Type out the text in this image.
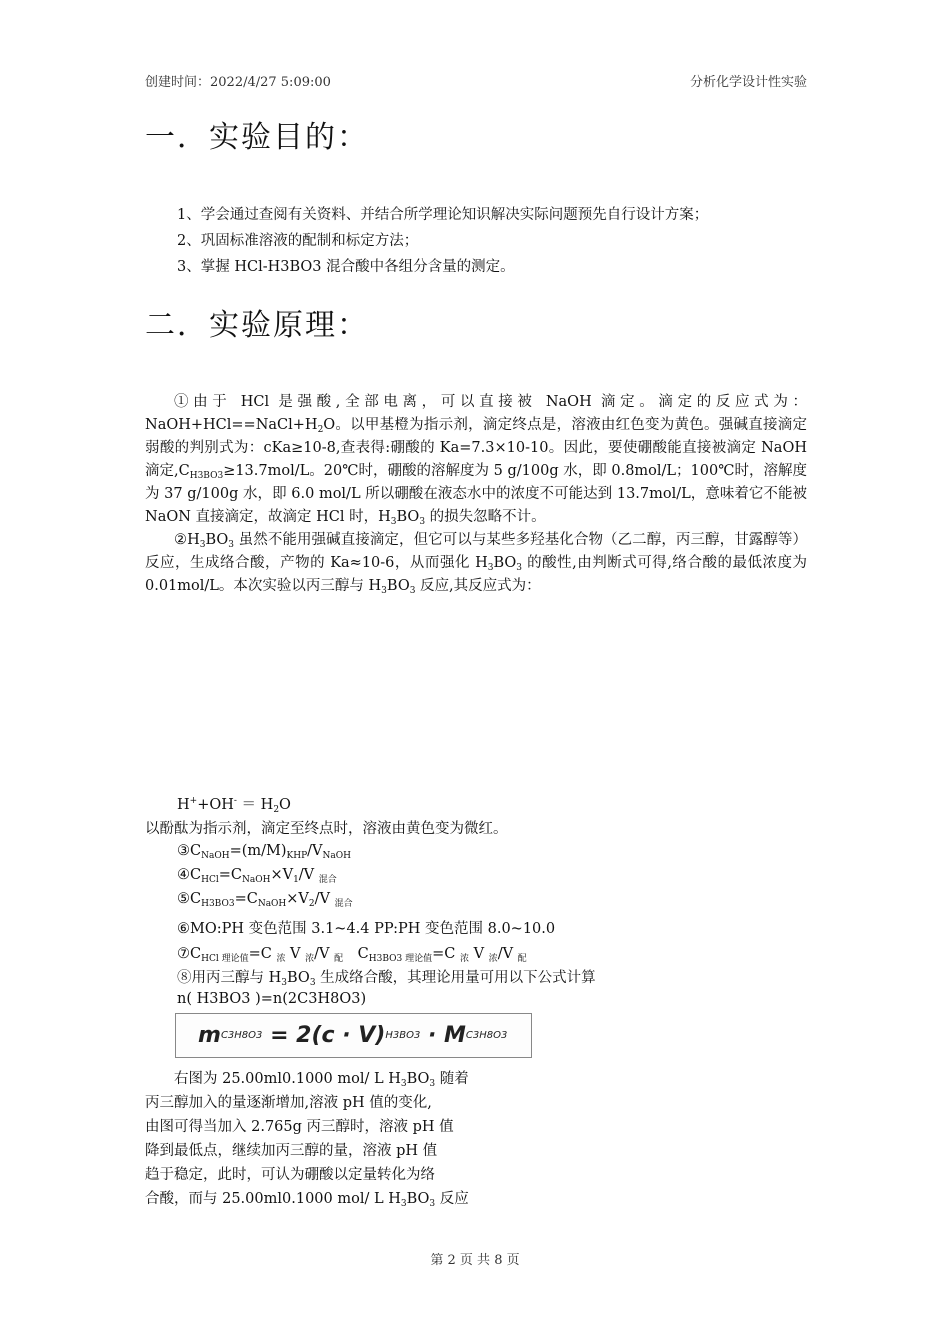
创建时间：2022/4/27 5:09:00	分析化学设计性实验
一．实验目的：
1、学会通过查阅有关资料、并结合所学理论知识解决实际问题预先自行设计方案；
2、巩固标准溶液的配制和标定方法；
3、掌握 HCl-H3BO3 混合酸中各组分含量的测定。
二．实验原理：

①由于 HCl 是强酸,全部电离，可以直接被 NaOH 滴定。滴定的反应式为：$NaOH+HCl==NaCl+H_2O$。以甲基橙为指示剂，滴定终点是，溶液由红色变为黄色。强碱直接滴定弱酸的判别式为：cKa≥10-8,查表得:硼酸的 Ka=7.3×10-10。因此，要使硼酸能直接被滴定 NaOH 滴定$,C_{H3BO3}\ge 13.7mol/L$。20℃时，硼酸的溶解度为 5 g/100g 水，即 0.8mol/L；100℃时，溶解度为 37 g/100g 水，即 6.0 mol/L 所以硼酸在液态水中的浓度不可能达到 13.7mol/L，意味着它不能被 NaON 直接滴定，故滴定 HCl 时，$H_3BO_3$ 的损失忽略不计。

$②H_3BO_3$ 虽然不能用强碱直接滴定，但它可以与某些多羟基化合物（乙二醇，丙三醇，甘露醇等）反应，生成络合酸，产物的 Ka≈10-6，从而强化 $H_3BO_3$ 的酸性,由判断式可得,络合酸的最低浓度为 0.01mol/L。本次实验以丙三醇与 $H_3BO_3$ 反应,其反应式为：

$H^++OH^- = H_2O$
以酚酞为指示剂，滴定至终点时，溶液由黄色变为微红。
$③C_{NaOH}=(m/M)_{KHP}/V_{NaOH}$
$④C_{HCl}=C_{NaOH}\times V_1/V$ $_{混合}$
$⑤C_{H3BO3}=C_{NaOH}\times V_2/V$ $_{混合}$
⑥MO:PH 变色范围 3.1~4.4 PP:PH 变色范围 8.0~10.0
$⑦C_{HCl 理论值}=C$ $_浓$ V $_浓$/V $_配$　$C_{H3BO3 理论值}=C$ $_浓$ V $_浓$/V $_配$
⑧用丙三醇与 $H_3BO_3$ 生成络合酸，其理论用量可用以下公式计算
n( H3BO3 )=n(2C3H8O3)
m C3H8O3 = 2(c · V) H3BO3 · M C3H8O3
右图为 25.00ml0.1000 mol/ L $H_3BO_3$ 随着
丙三醇加入的量逐渐增加,溶液 pH 值的变化,
由图可得当加入 2.765g 丙三醇时，溶液 pH 值
降到最低点，继续加丙三醇的量，溶液 pH 值
趋于稳定，此时，可认为硼酸以定量转化为络
合酸，而与 25.00ml0.1000 mol/ L $H_3BO_3$ 反应
第 2 页 共 8 页
